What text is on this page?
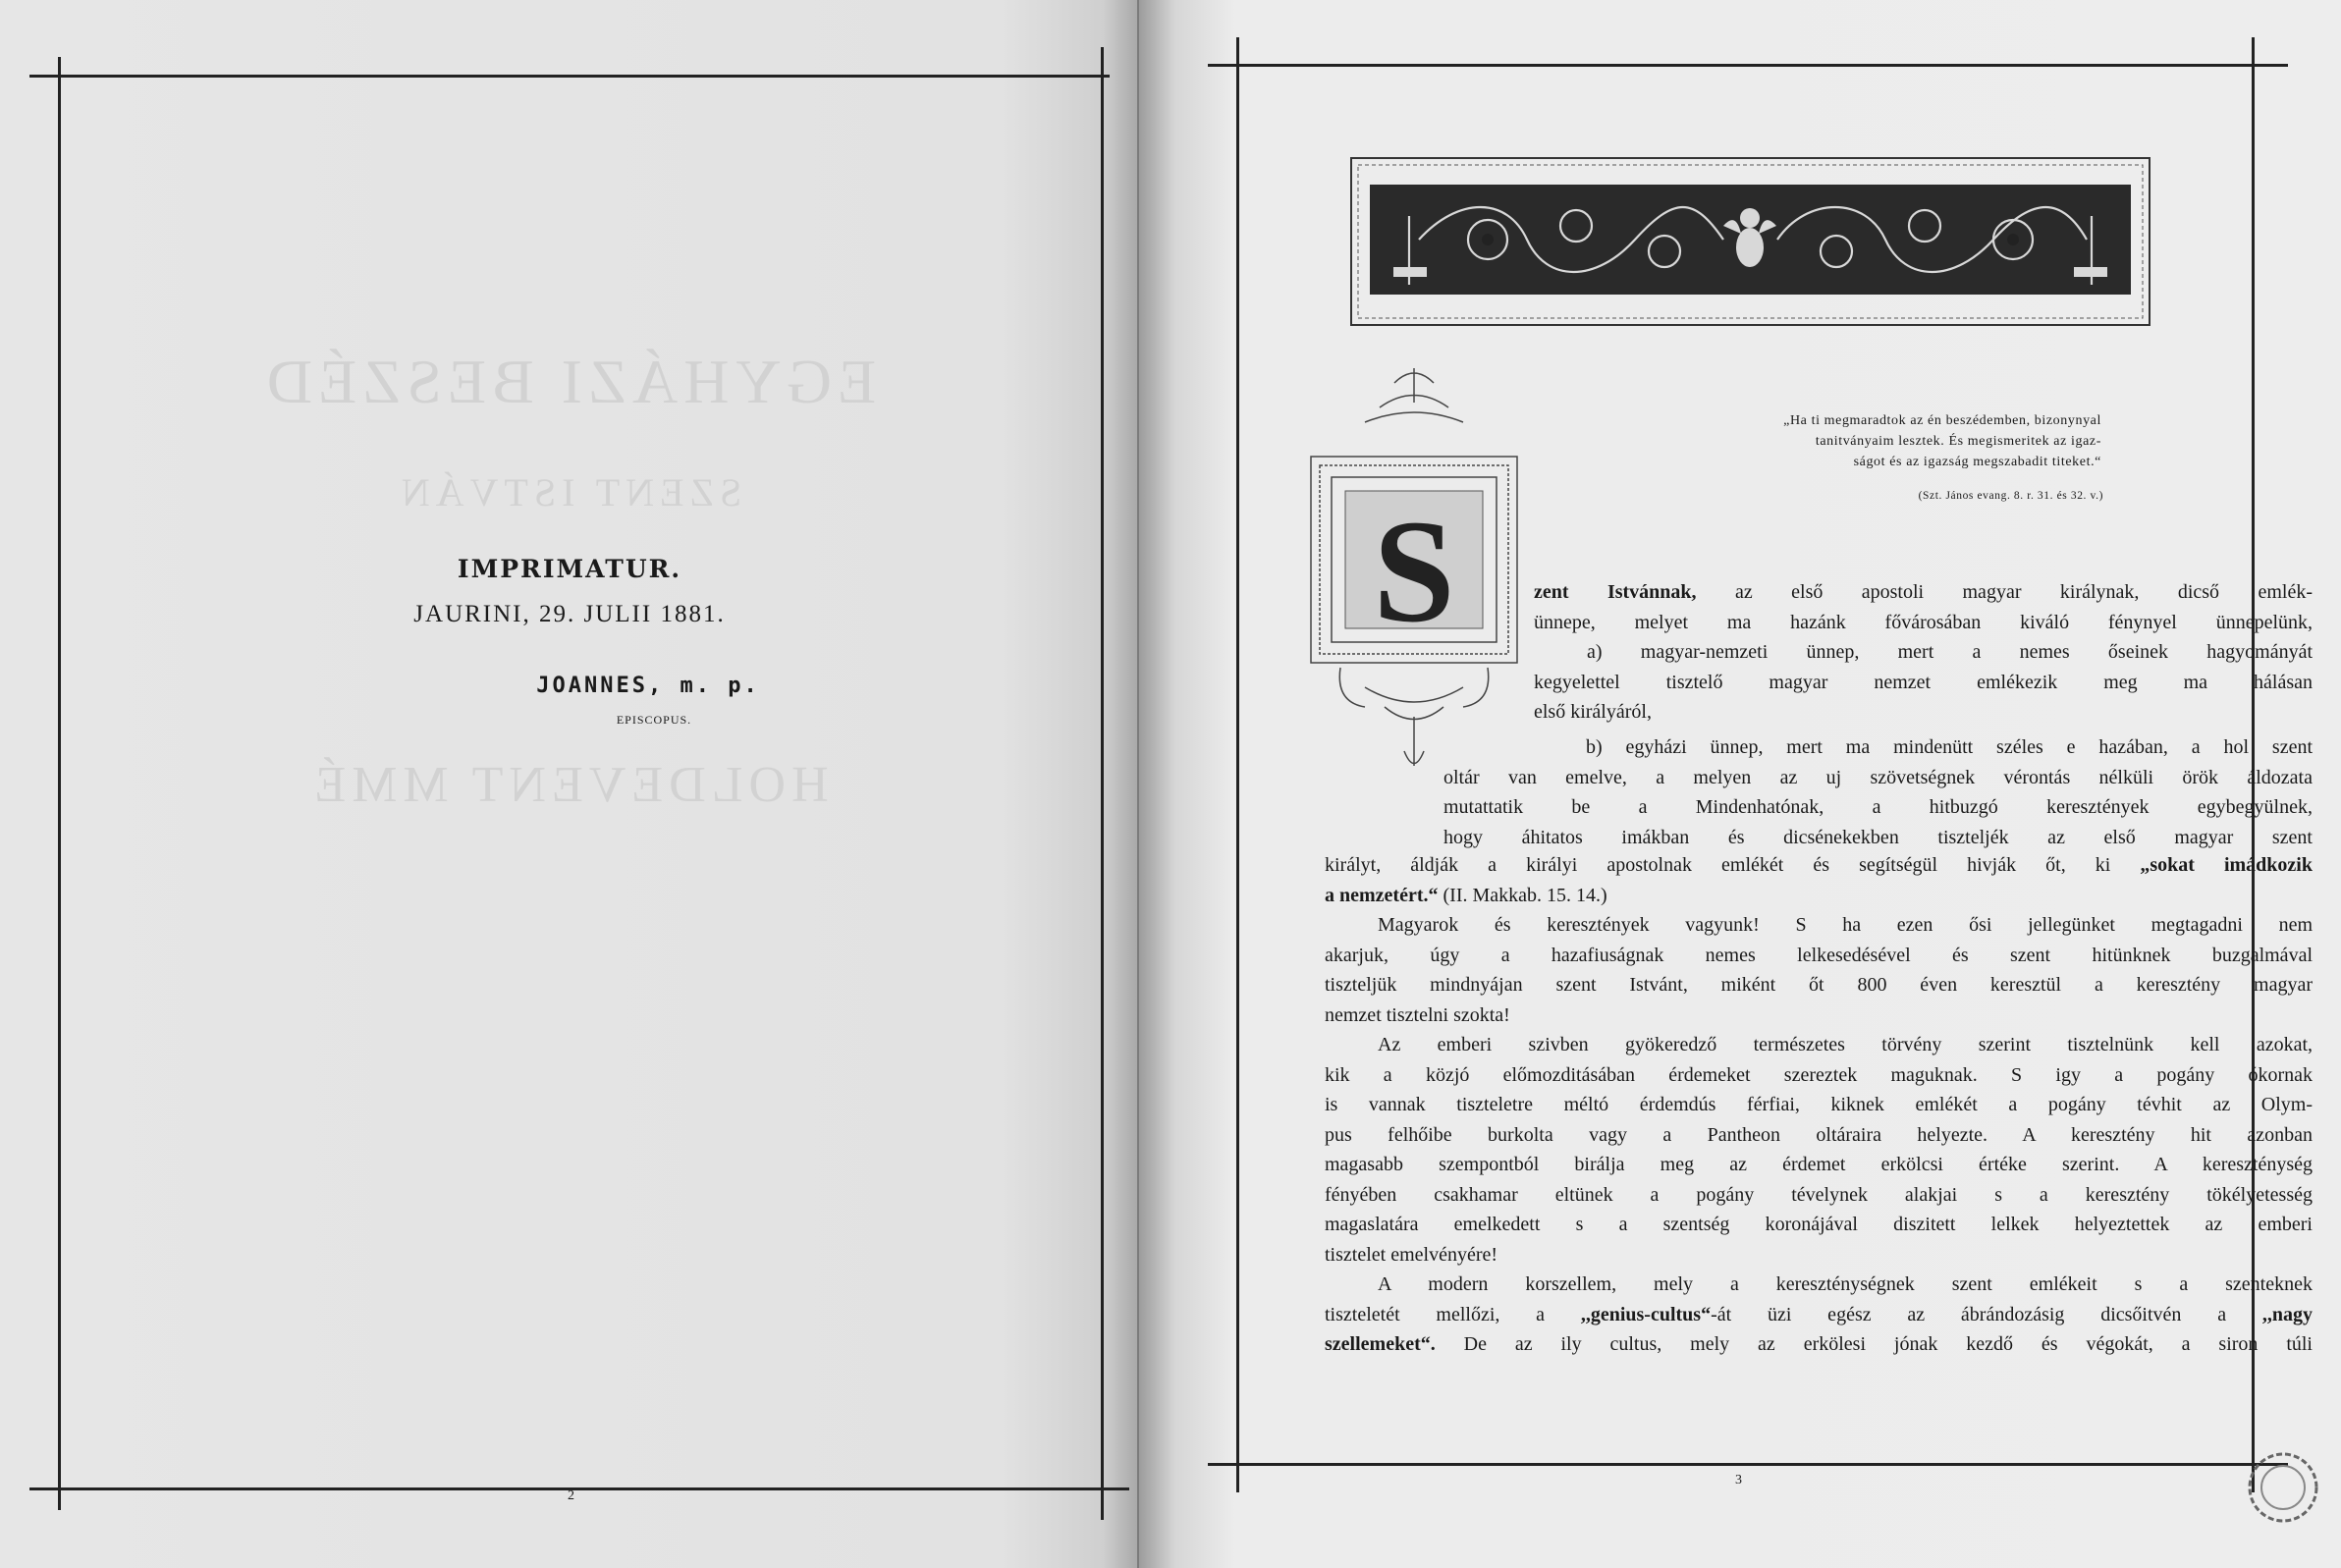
EGYHÁZI BESZÉD
SZENT ISTVÁN
HOLDEVENT MMÉ
IMPRIMATUR.
JAURINI, 29. JULII 1881.
JOANNES, m. p.
EPISCOPUS.
2
S
„Ha ti megmaradtok az én beszédemben, bizonynyal
tanitványaim lesztek. És megismeritek az igaz-
ságot és az igazság megszabadit titeket.“
(Szt. János evang. 8. r. 31. és 32. v.)
zent Istvánnak, az első apostoli magyar királynak, dicső emlék-
ünnepe, melyet ma hazánk fővárosában kiváló fénynyel ünnepelünk,
a) magyar-nemzeti ünnep, mert a nemes őseinek hagyományát
kegyelettel tisztelő magyar nemzet emlékezik meg ma hálásan
első királyáról,
b) egyházi ünnep, mert ma mindenütt széles e hazában, a hol szent
oltár van emelve, a melyen az uj szövetségnek vérontás nélküli örök áldozata
mutattatik be a Mindenhatónak, a hitbuzgó keresztények egybegyülnek,
hogy áhitatos imákban és dicsénekekben tiszteljék az első magyar szent
királyt, áldják a királyi apostolnak emlékét és segítségül hivják őt, ki „sokat imádkozik
a nemzetért.“ (II. Makkab. 15. 14.)
Magyarok és keresztények vagyunk! S ha ezen ősi jellegünket megtagadni nem
akarjuk, úgy a hazafiuságnak nemes lelkesedésével és szent hitünknek buzgalmával
tiszteljük mindnyájan szent Istvánt, miként őt 800 éven keresztül a keresztény magyar
nemzet tisztelni szokta!
Az emberi szivben gyökeredző természetes törvény szerint tisztelnünk kell azokat,
kik a közjó előmozditásában érdemeket szereztek maguknak. S igy a pogány ókornak
is vannak tiszteletre méltó érdemdús férfiai, kiknek emlékét a pogány tévhit az Olym-
pus felhőibe burkolta vagy a Pantheon oltáraira helyezte. A keresztény hit azonban
magasabb szempontból birálja meg az érdemet erkölcsi értéke szerint. A kereszténység
fényében csakhamar eltünek a pogány tévelynek alakjai s a keresztény tökélyetesség
magaslatára emelkedett s a szentség koronájával diszitett lelkek helyeztettek az emberi
tisztelet emelvényére!
A modern korszellem, mely a kereszténységnek szent emlékeit s a szenteknek
tiszteletét mellőzi, a ,,genius-cultus“-át üzi egész az ábrándozásig dicsőitvén a ,,nagy
szellemeket“. De az ily cultus, mely az erkölesi jónak kezdő és végokát, a siron túli
3
